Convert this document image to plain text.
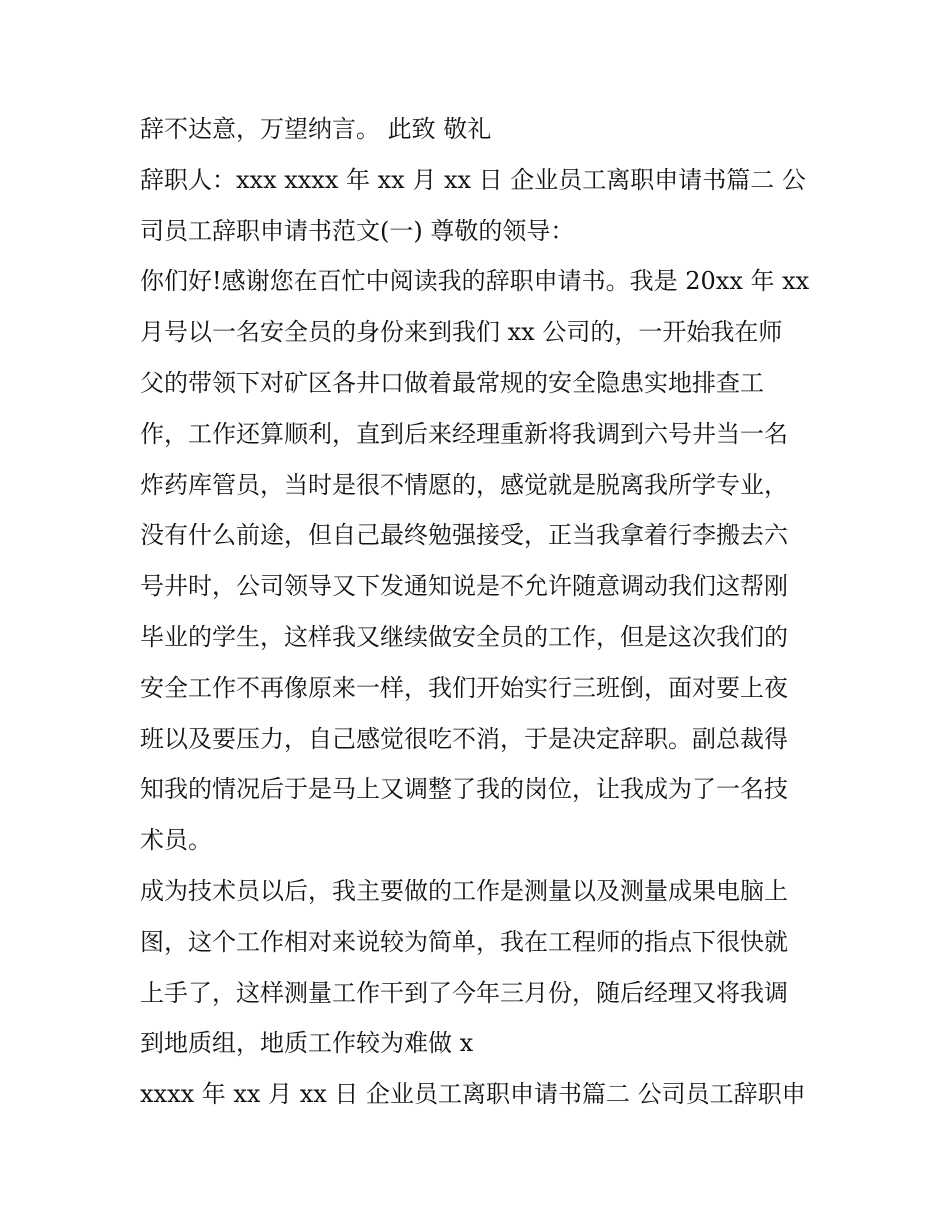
辞不达意，万望纳言。 此致 敬礼
辞职人：xxx xxxx 年 xx 月 xx 日 企业员工离职申请书篇二 公
司员工辞职申请书范文(一) 尊敬的领导：
你们好!感谢您在百忙中阅读我的辞职申请书。我是 20xx 年 xx
月号以一名安全员的身份来到我们 xx 公司的，一开始我在师
父的带领下对矿区各井口做着最常规的安全隐患实地排查工
作，工作还算顺利，直到后来经理重新将我调到六号井当一名
炸药库管员，当时是很不情愿的，感觉就是脱离我所学专业，
没有什么前途，但自己最终勉强接受，正当我拿着行李搬去六
号井时，公司领导又下发通知说是不允许随意调动我们这帮刚
毕业的学生，这样我又继续做安全员的工作，但是这次我们的
安全工作不再像原来一样，我们开始实行三班倒，面对要上夜
班以及要压力，自己感觉很吃不消，于是决定辞职。副总裁得
知我的情况后于是马上又调整了我的岗位，让我成为了一名技
术员。
成为技术员以后，我主要做的工作是测量以及测量成果电脑上
图，这个工作相对来说较为简单，我在工程师的指点下很快就
上手了，这样测量工作干到了今年三月份，随后经理又将我调
到地质组，地质工作较为难做 x
xxxx 年 xx 月 xx 日 企业员工离职申请书篇二 公司员工辞职申
